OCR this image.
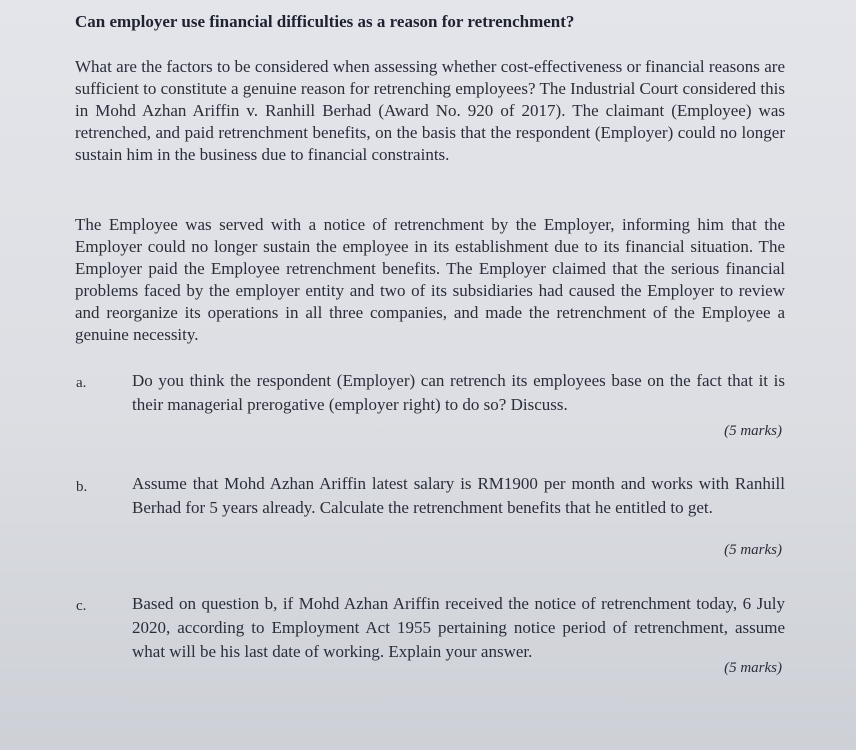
Can employer use financial difficulties as a reason for retrenchment?

What are the factors to be considered when assessing whether cost-effectiveness or financial reasons are sufficient to constitute a genuine reason for retrenching employees? The Industrial Court considered this in Mohd Azhan Ariffin v. Ranhill Berhad (Award No. 920 of 2017). The claimant (Employee) was retrenched, and paid retrenchment benefits, on the basis that the respondent (Employer) could no longer sustain him in the business due to financial constraints.

The Employee was served with a notice of retrenchment by the Employer, informing him that the Employer could no longer sustain the employee in its establishment due to its financial situation. The Employer paid the Employee retrenchment benefits. The Employer claimed that the serious financial problems faced by the employer entity and two of its subsidiaries had caused the Employer to review and reorganize its operations in all three companies, and made the retrenchment of the Employee a genuine necessity.

a.	Do you think the respondent (Employer) can retrench its employees base on the fact that it is their managerial prerogative (employer right) to do so? Discuss.

(5 marks)
b.	Assume that Mohd Azhan Ariffin latest salary is RM1900 per month and works with Ranhill Berhad for 5 years already. Calculate the retrenchment benefits that he entitled to get.

(5 marks)
c.	Based on question b, if Mohd Azhan Ariffin received the notice of retrenchment today, 6 July 2020, according to Employment Act 1955 pertaining notice period of retrenchment, assume what will be his last date of working. Explain your answer.

(5 marks)
